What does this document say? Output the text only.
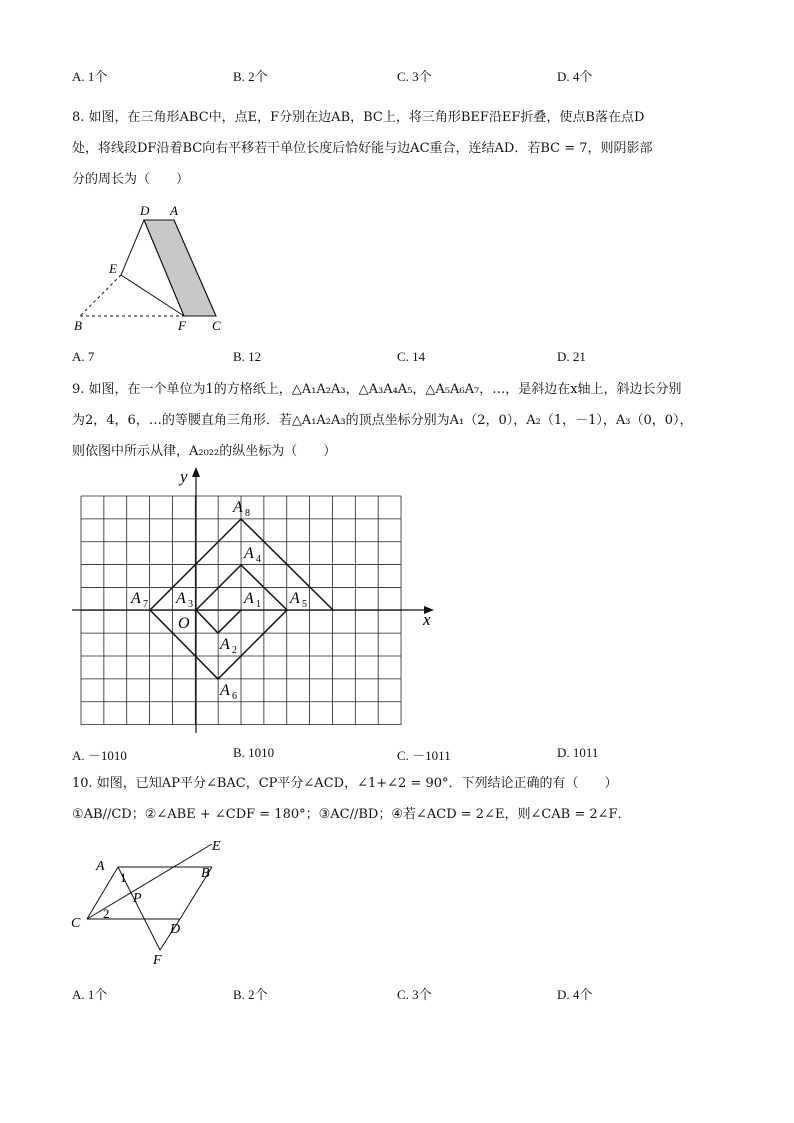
A. 1个	B. 2个	C. 3个	D. 4个
8. 如图，在三角形ABC中，点E，F分别在边AB，BC上，将三角形BEF沿EF折叠，使点B落在点D
处，将线段DF沿着BC向右平移若干单位长度后恰好能与边AC重合，连结AD．若BC = 7，则阴影部
分的周长为（　　）
D A
E
B	F C
A. 7	B. 12	C. 14	D. 21
9. 如图，在一个单位为1的方格纸上，△A₁A₂A₃，△A₃A₄A₅，△A₅A₆A₇，…，是斜边在x轴上，斜边长分别
为2，4，6，…的等腰直角三角形．若△A₁A₂A₃的顶点坐标分别为A₁（2，0），A₂（1，－1），A₃（0，0），
则依图中所示从律，A₂₀₂₂的纵坐标为（　　）
y
x
O
A 8
A 4
A 7 A 3	A 1 A 5
A 2
A 6
A. －1010	B. 1010	C. －1011	D. 1011
10. 如图，已知AP平分∠BAC，CP平分∠ACD，∠1+∠2 = 90°．下列结论正确的有（　　）
①AB//CD；②∠ABE + ∠CDF = 180°；③AC//BD；④若∠ACD = 2∠E，则∠CAB = 2∠F．
A
E
B
1
P
2
C	D
F
A. 1个	B. 2个	C. 3个	D. 4个
